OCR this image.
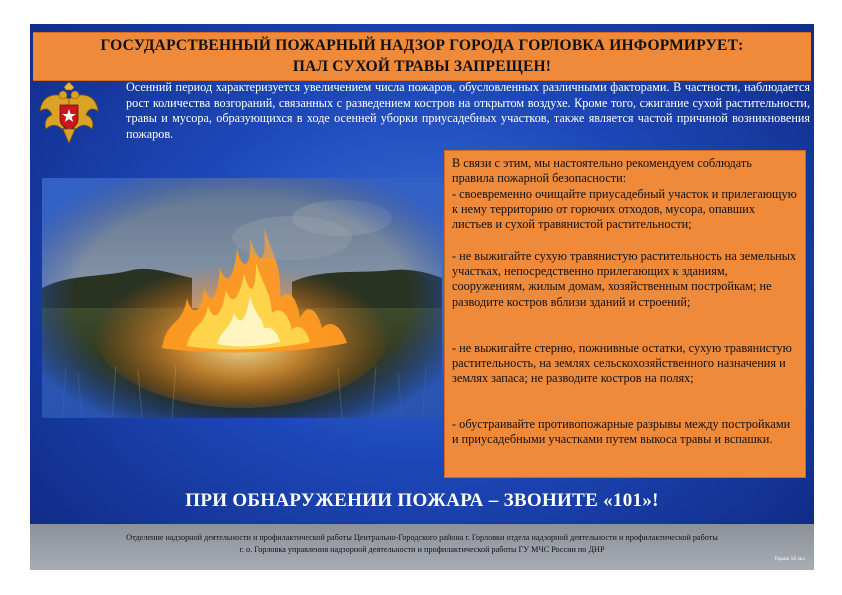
ГОСУДАРСТВЕННЫЙ ПОЖАРНЫЙ НАДЗОР ГОРОДА ГОРЛОВКА ИНФОРМИРУЕТ:
ПАЛ СУХОЙ ТРАВЫ ЗАПРЕЩЕН!
Осенний период характеризуется увеличением числа пожаров, обусловленных различными факторами. В частности, наблюдается рост количества возгораний, связанных с разведением костров на открытом воздухе. Кроме того, сжигание сухой растительности, травы и мусора, образующихся в ходе осенней уборки приусадебных участков, также является частой причиной возникновения пожаров.

В связи с этим, мы настоятельно рекомендуем соблюдать правила пожарной безопасности:

- своевременно очищайте приусадебный участок и прилегающую к нему территорию от горючих отходов, мусора, опавших листьев и сухой травянистой растительности;

- не выжигайте сухую травянистую растительность на земельных участках, непосредственно прилегающих к зданиям, сооружениям, жилым домам, хозяйственным постройкам; не разводите костров вблизи зданий и строений;

- не выжигайте стерню, пожнивные остатки, сухую травянистую растительность, на землях сельскохозяйственного назначения и землях запаса; не разводите костров на полях;

- обустраивайте противопожарные разрывы между постройками и приусадебными участками путем выкоса травы и вспашки.

ПРИ ОБНАРУЖЕНИИ ПОЖАРА – ЗВОНИТЕ «101»!
Отделение надзорной деятельности и профилактической работы Центрально-Городского района г. Горловки отдела надзорной деятельности и профилактической работы
г. о. Горловка управления надзорной деятельности и профилактической работы ГУ МЧС России по ДНР
Тираж 50 экз.
